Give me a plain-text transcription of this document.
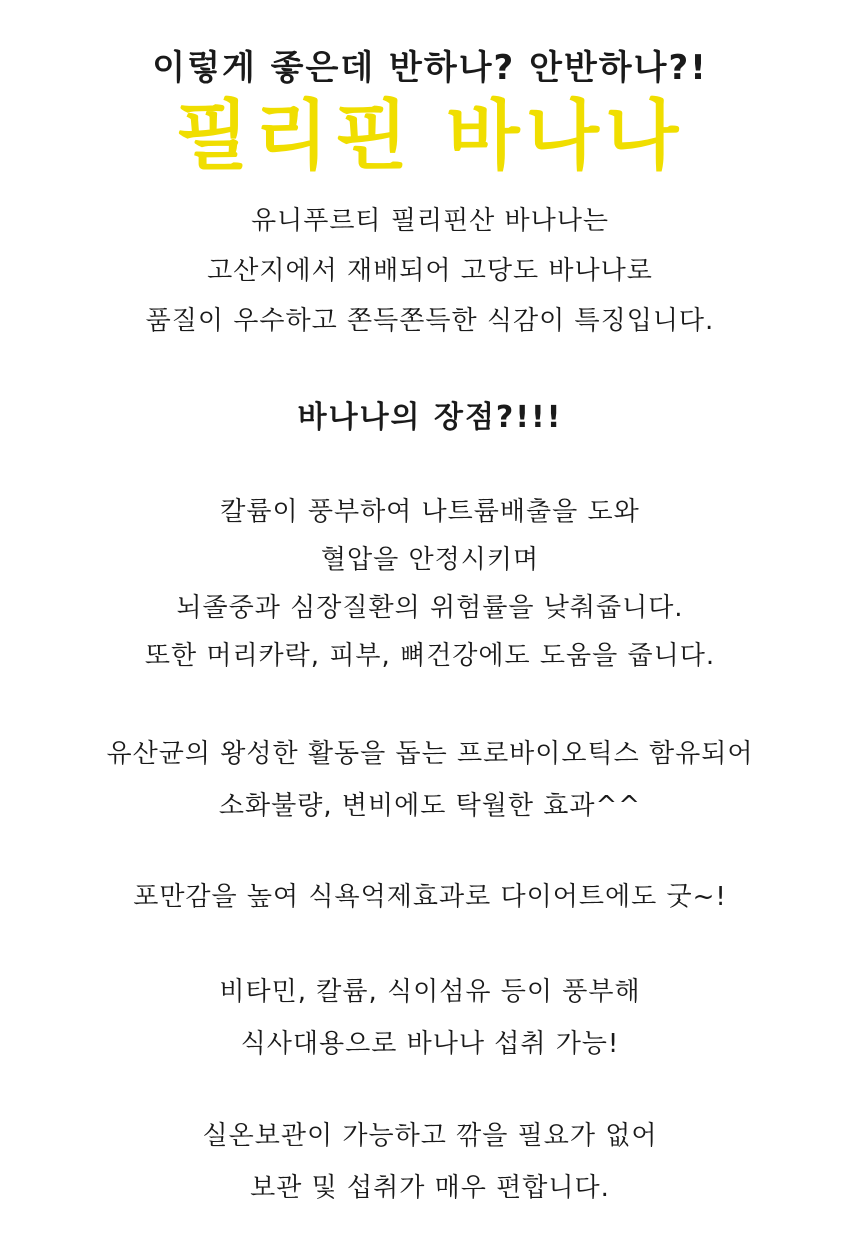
이렇게 좋은데 반하나? 안반하나?!
필리핀 바나나
유니푸르티 필리핀산 바나나는
고산지에서 재배되어 고당도 바나나로
품질이 우수하고 쫀득쫀득한 식감이 특징입니다.
바나나의 장점?!!!
칼륨이 풍부하여 나트륨배출을 도와
혈압을 안정시키며
뇌졸중과 심장질환의 위험률을 낮춰줍니다.
또한 머리카락, 피부, 뼈건강에도 도움을 줍니다.
유산균의 왕성한 활동을 돕는 프로바이오틱스 함유되어
소화불량, 변비에도 탁월한 효과^^
포만감을 높여 식욕억제효과로 다이어트에도 굿~!
비타민, 칼륨, 식이섬유 등이 풍부해
식사대용으로 바나나 섭취 가능!
실온보관이 가능하고 깎을 필요가 없어
보관 및 섭취가 매우 편합니다.
